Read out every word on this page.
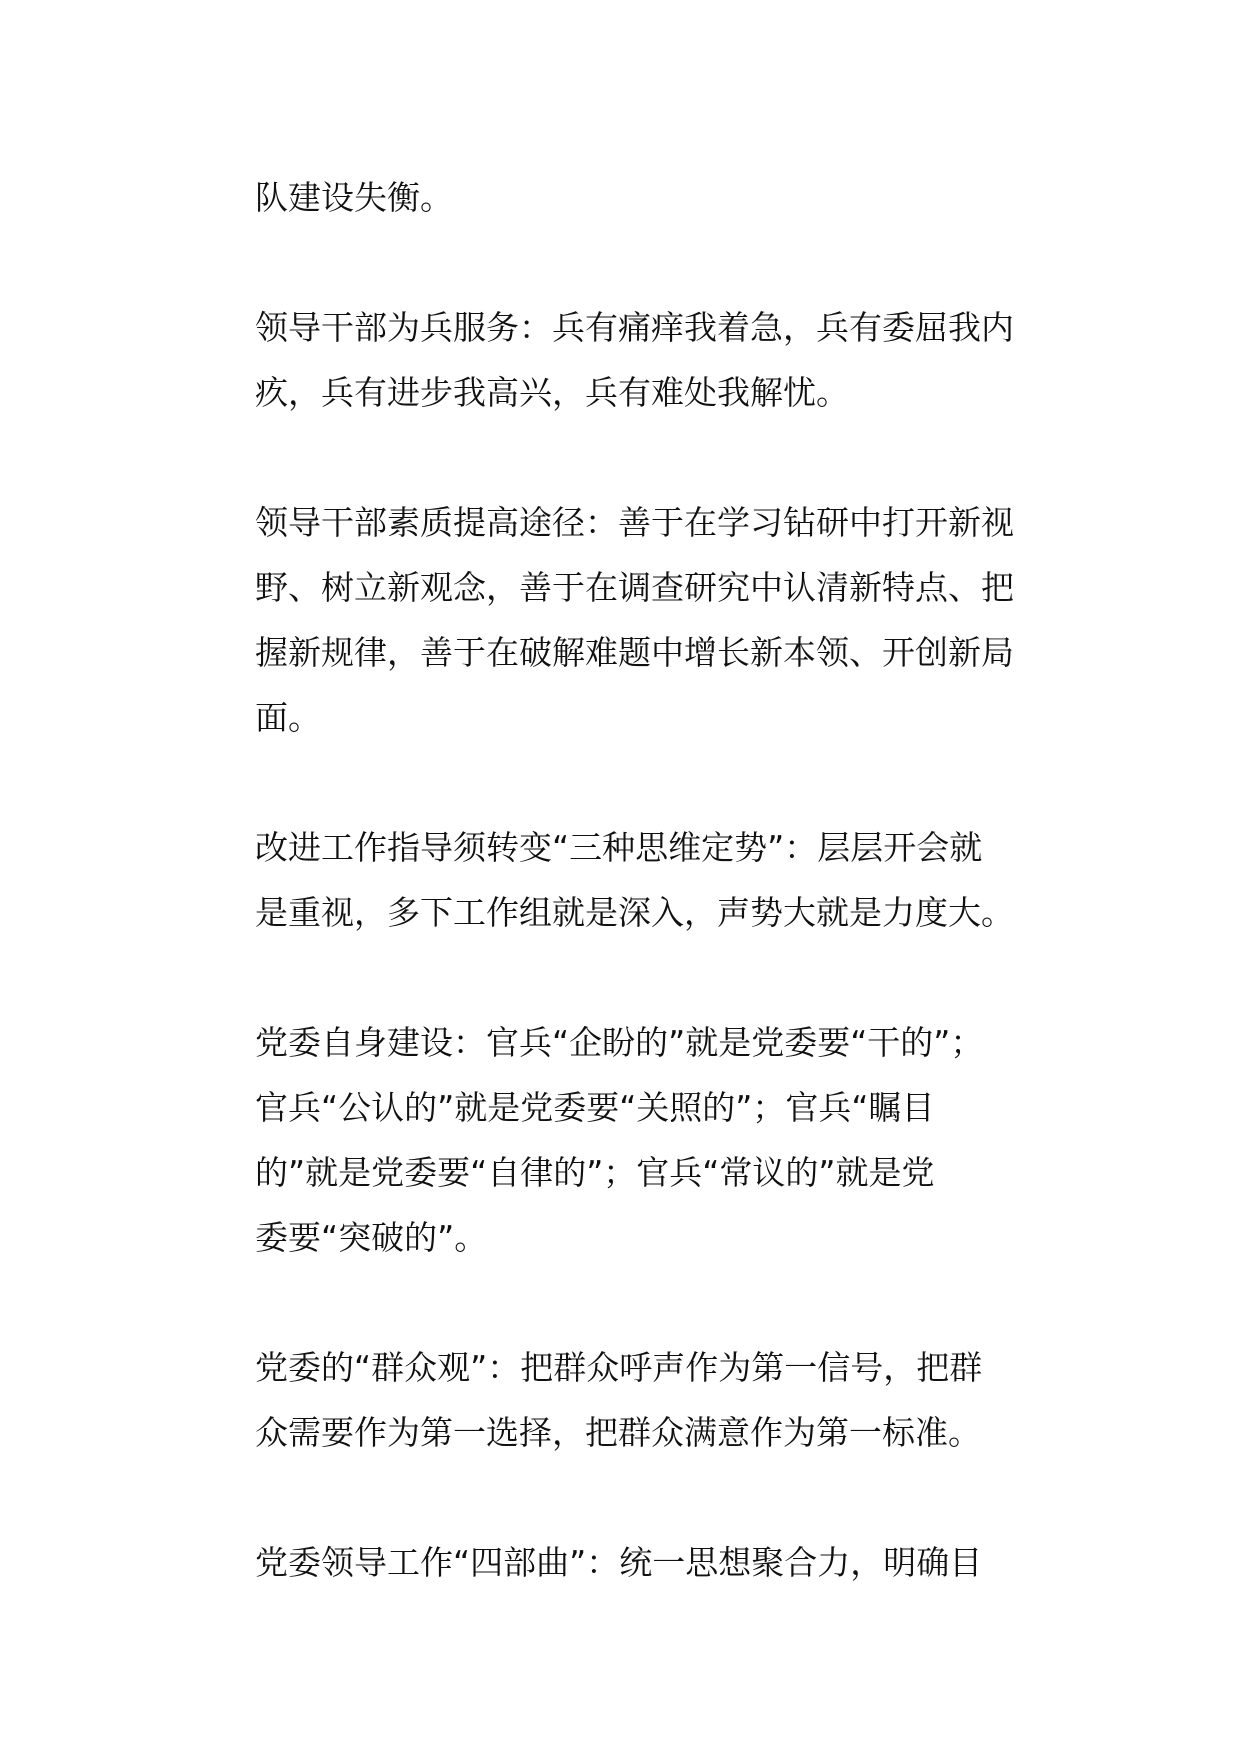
队建设失衡。

领导干部为兵服务：兵有痛痒我着急，兵有委屈我内
疚，兵有进步我高兴，兵有难处我解忧。

领导干部素质提高途径：善于在学习钻研中打开新视
野、树立新观念，善于在调查研究中认清新特点、把
握新规律，善于在破解难题中增长新本领、开创新局
面。

改进工作指导须转变“三种思维定势”：层层开会就
是重视，多下工作组就是深入，声势大就是力度大。

党委自身建设：官兵“企盼的”就是党委要“干的”；
官兵“公认的”就是党委要“关照的”；官兵“瞩目
的”就是党委要“自律的”；官兵“常议的”就是党
委要“突破的”。

党委的“群众观”：把群众呼声作为第一信号，把群
众需要作为第一选择，把群众满意作为第一标准。

党委领导工作“四部曲”：统一思想聚合力，明确目
